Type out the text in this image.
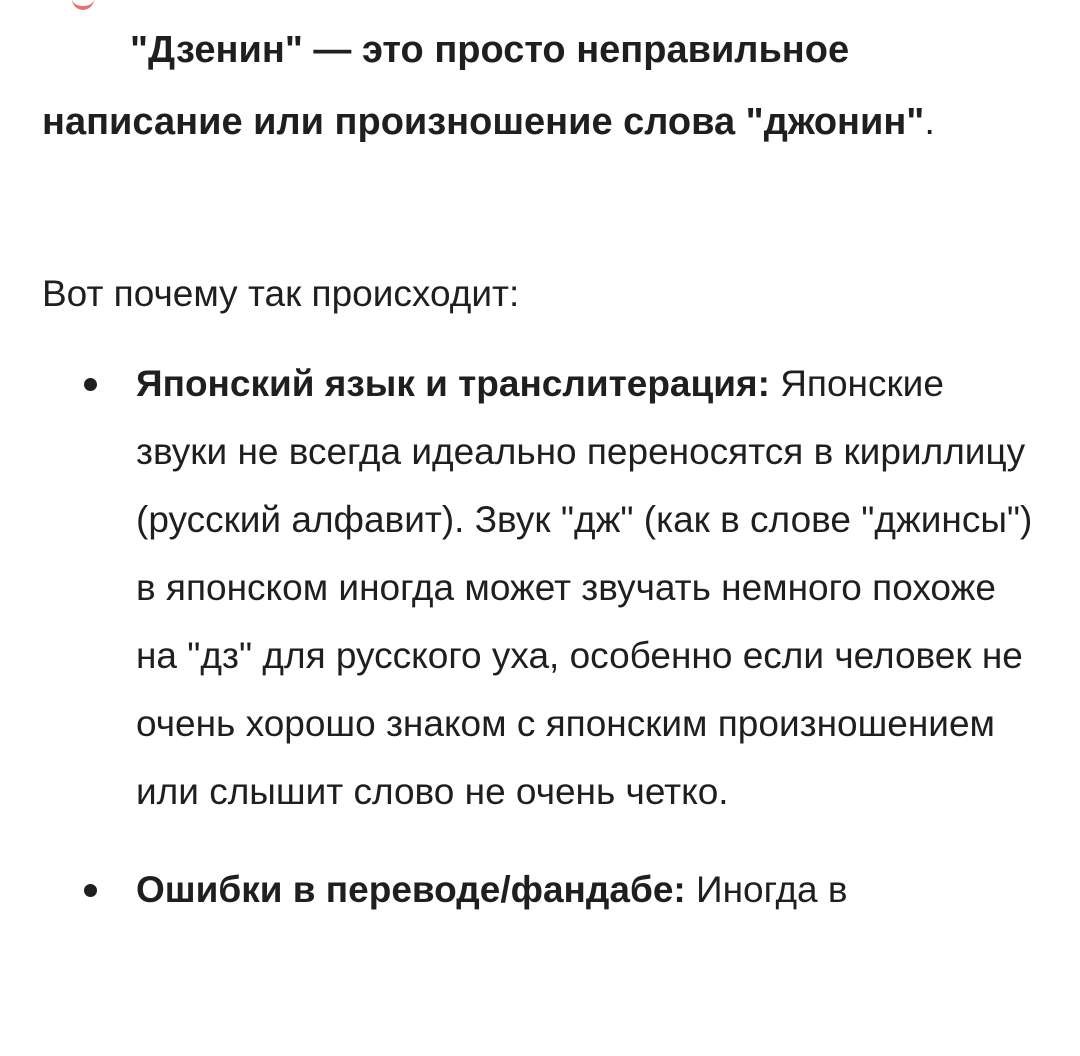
"Дзенин" — это просто неправильное написание или произношение слова "джонин".

Вот почему так происходит:

Японский язык и транслитерация: Японские звуки не всегда идеально переносятся в кириллицу (русский алфавит). Звук "дж" (как в слове "джинсы") в японском иногда может звучать немного похоже на "дз" для русского уха, особенно если человек не очень хорошо знаком с японским произношением или слышит слово не очень четко.
Ошибки в переводе/фандабе: Иногда в
